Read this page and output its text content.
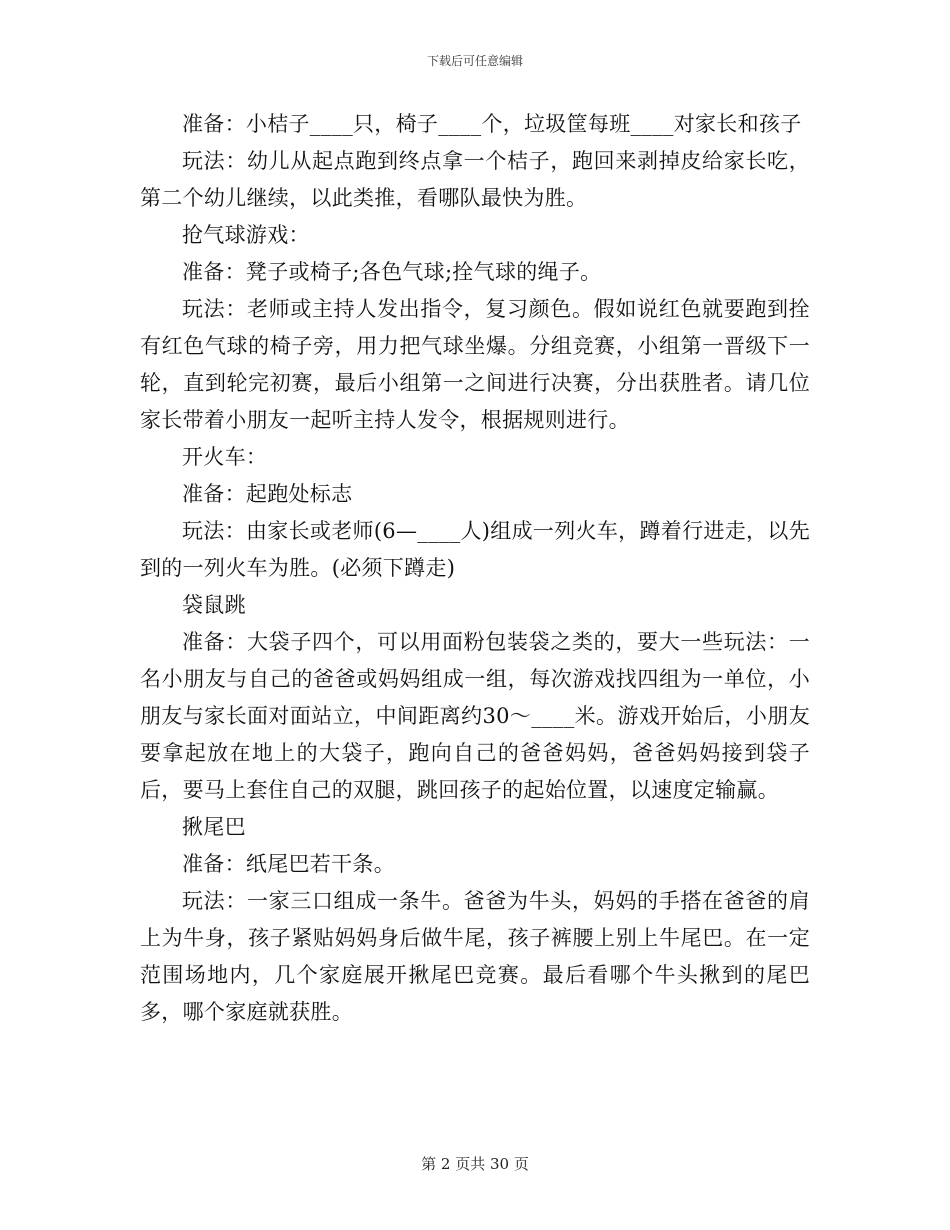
下载后可任意编辑

准备：小桔子____只，椅子____个，垃圾筐每班____对家长和孩子

玩法：幼儿从起点跑到终点拿一个桔子，跑回来剥掉皮给家长吃，第二个幼儿继续，以此类推，看哪队最快为胜。

抢气球游戏：

准备：凳子或椅子;各色气球;拴气球的绳子。

玩法：老师或主持人发出指令，复习颜色。假如说红色就要跑到拴有红色气球的椅子旁，用力把气球坐爆。分组竞赛，小组第一晋级下一轮，直到轮完初赛，最后小组第一之间进行决赛，分出获胜者。请几位家长带着小朋友一起听主持人发令，根据规则进行。

开火车：

准备：起跑处标志

玩法：由家长或老师(6—____人)组成一列火车，蹲着行进走，以先到的一列火车为胜。(必须下蹲走)

袋鼠跳

准备：大袋子四个，可以用面粉包装袋之类的，要大一些玩法：一名小朋友与自己的爸爸或妈妈组成一组，每次游戏找四组为一单位，小朋友与家长面对面站立，中间距离约30～____米。游戏开始后，小朋友要拿起放在地上的大袋子，跑向自己的爸爸妈妈，爸爸妈妈接到袋子后，要马上套住自己的双腿，跳回孩子的起始位置，以速度定输赢。

揪尾巴

准备：纸尾巴若干条。

玩法：一家三口组成一条牛。爸爸为牛头，妈妈的手搭在爸爸的肩上为牛身，孩子紧贴妈妈身后做牛尾，孩子裤腰上别上牛尾巴。在一定范围场地内，几个家庭展开揪尾巴竞赛。最后看哪个牛头揪到的尾巴多，哪个家庭就获胜。

第 2 页共 30 页
